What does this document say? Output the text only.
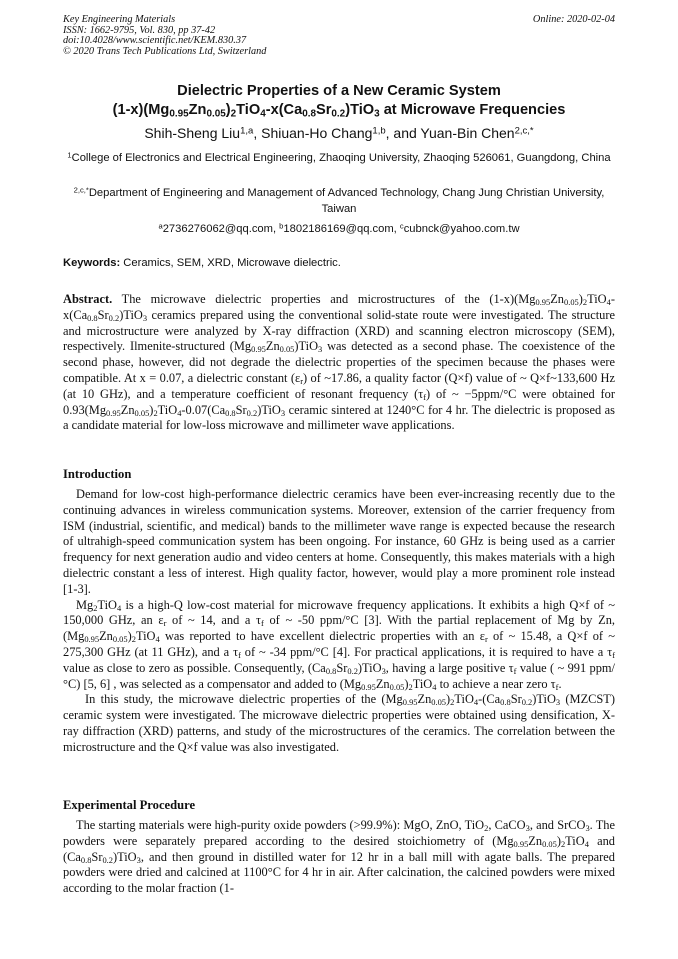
Key Engineering Materials
ISSN: 1662-9795, Vol. 830, pp 37-42
doi:10.4028/www.scientific.net/KEM.830.37
© 2020 Trans Tech Publications Ltd, Switzerland
Online: 2020-02-04
Dielectric Properties of a New Ceramic System
$(1-x)(Mg_{0.95}Zn_{0.05})_2TiO_4-x(Ca_{0.8}Sr_{0.2})TiO_3$ at Microwave Frequencies
Shih-Sheng Liu$^{1,a}$, Shiuan-Ho Chang$^{1,b}$, and Yuan-Bin Chen$^{2,c,*}$
$^1$College of Electronics and Electrical Engineering, Zhaoqing University, Zhaoqing 526061, Guangdong, China
$^{2,c,*}$Department of Engineering and Management of Advanced Technology, Chang Jung Christian University, Taiwan
$^a$2736276062@qq.com, $^b$1802186169@qq.com, $^c$cubnck@yahoo.com.tw
Keywords: Ceramics, SEM, XRD, Microwave dielectric.
Abstract. The microwave dielectric properties and microstructures of the $(1-x)(Mg_{0.95}Zn_{0.05})_2TiO_4-x(Ca_{0.8}Sr_{0.2})TiO_3$ ceramics prepared using the conventional solid-state route were investigated. The structure and microstructure were analyzed by X-ray diffraction (XRD) and scanning electron microscopy (SEM), respectively. Ilmenite-structured $(Mg_{0.95}Zn_{0.05})TiO_3$ was detected as a second phase. The coexistence of the second phase, however, did not degrade the dielectric properties of the specimen because the phases were compatible. At x = 0.07, a dielectric constant $(\varepsilon_r)$ of ~17.86, a quality factor (Q×f) value of ~ Q×f~133,600 Hz (at 10 GHz), and a temperature coefficient of resonant frequency $(\tau_f)$ of ~ −5ppm/°C were obtained for $0.93(Mg_{0.95}Zn_{0.05})_2TiO_4-0.07(Ca_{0.8}Sr_{0.2})TiO_3$ ceramic sintered at 1240°C for 4 hr. The dielectric is proposed as a candidate material for low-loss microwave and millimeter wave applications.
Introduction

Demand for low-cost high-performance dielectric ceramics have been ever-increasing recently due to the continuing advances in wireless communication systems. Moreover, extension of the carrier frequency from ISM (industrial, scientific, and medical) bands to the millimeter wave range is expected because the research of ultrahigh-speed communication system has been ongoing. For instance, 60 GHz is being used as a carrier frequency for next generation audio and video centers at home. Consequently, this makes materials with a high dielectric constant a less of interest. High quality factor, however, would play a more prominent role instead [1-3].

$Mg_2TiO_4$ is a high-Q low-cost material for microwave frequency applications. It exhibits a high Q×f of ~ 150,000 GHz, an $\varepsilon_r$ of ~ 14, and a $\tau_f$ of ~ -50 ppm/°C [3]. With the partial replacement of Mg by Zn, $(Mg_{0.95}Zn_{0.05})_2TiO_4$ was reported to have excellent dielectric properties with an $\varepsilon_r$ of ~ 15.48, a Q×f of ~ 275,300 GHz (at 11 GHz), and a $\tau_f$ of ~ -34 ppm/°C [4]. For practical applications, it is required to have a $\tau_f$ value as close to zero as possible. Consequently, $(Ca_{0.8}Sr_{0.2})TiO_3$, having a large positive $\tau_f$ value ( ~ 991 ppm/°C) [5, 6] , was selected as a compensator and added to $(Mg_{0.95}Zn_{0.05})_2TiO_4$ to achieve a near zero $\tau_f$.

In this study, the microwave dielectric properties of the $(Mg_{0.95}Zn_{0.05})_2TiO_4-(Ca_{0.8}Sr_{0.2})TiO_3$ (MZCST) ceramic system were investigated. The microwave dielectric properties were obtained using densification, X-ray diffraction (XRD) patterns, and study of the microstructures of the ceramics. The correlation between the microstructure and the Q×f value was also investigated.

Experimental Procedure

The starting materials were high-purity oxide powders (>99.9%): MgO, ZnO, TiO$_2$, CaCO$_3$, and SrCO$_3$. The powders were separately prepared according to the desired stoichiometry of $(Mg_{0.95}Zn_{0.05})_2TiO_4$ and $(Ca_{0.8}Sr_{0.2})TiO_3$, and then ground in distilled water for 12 hr in a ball mill with agate balls. The prepared powders were dried and calcined at 1100°C for 4 hr in air. After calcination, the calcined powders were mixed according to the molar fraction (1-
